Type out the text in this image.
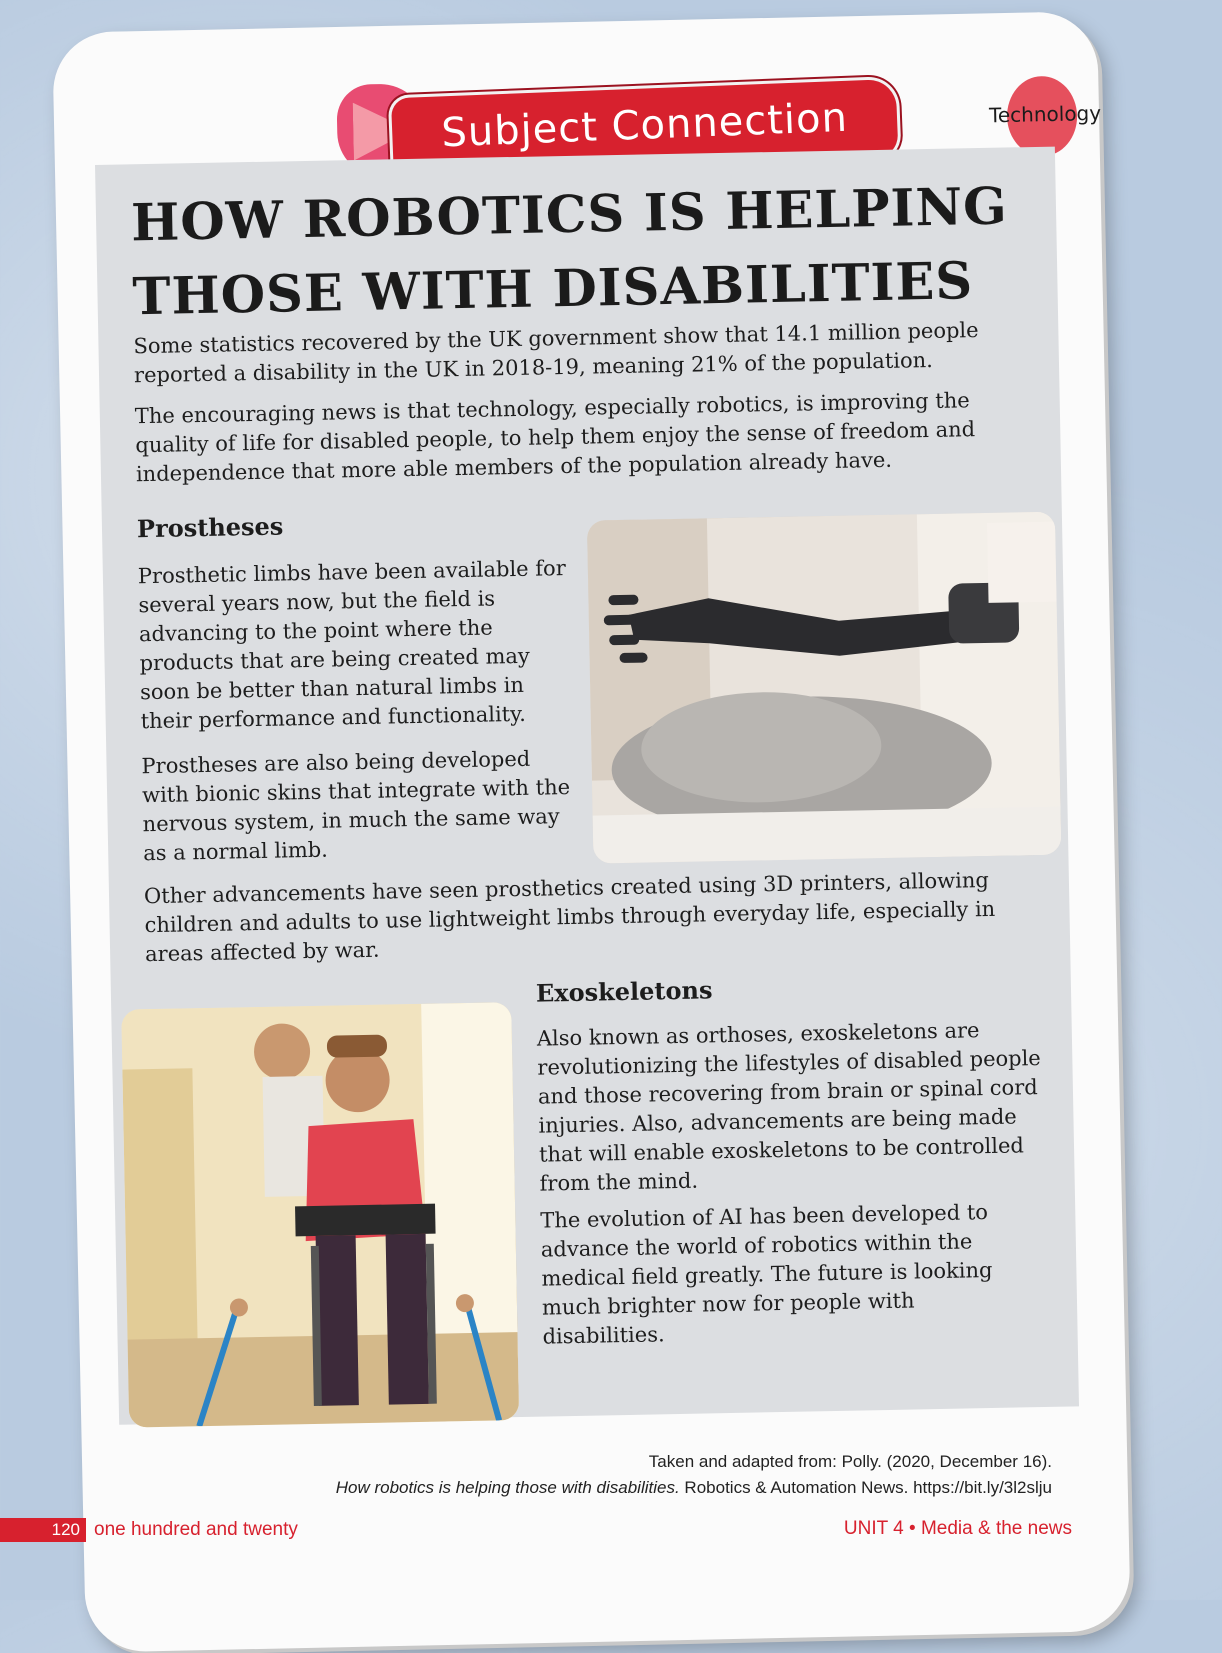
Subject Connection	Technology
HOW ROBOTICS IS HELPING
THOSE WITH DISABILITIES

Some statistics recovered by the UK government show that 14.1 million people reported a disability in the UK in 2018-19, meaning 21% of the population.

The encouraging news is that technology, especially robotics, is improving the quality of life for disabled people, to help them enjoy the sense of freedom and independence that more able members of the population already have.

Prostheses

Prosthetic limbs have been available for several years now, but the field is advancing to the point where the products that are being created may soon be better than natural limbs in their performance and functionality.

Prostheses are also being developed with bionic skins that integrate with the nervous system, in much the same way as a normal limb.

Other advancements have seen prosthetics created using 3D printers, allowing children and adults to use lightweight limbs through everyday life, especially in areas affected by war.

Exoskeletons

Also known as orthoses, exoskeletons are revolutionizing the lifestyles of disabled people and those recovering from brain or spinal cord injuries. Also, advancements are being made that will enable exoskeletons to be controlled from the mind.

The evolution of AI has been developed to advance the world of robotics within the medical field greatly. The future is looking much brighter now for people with disabilities.

Taken and adapted from: Polly. (2020, December 16).
How robotics is helping those with disabilities. Robotics & Automation News. https://bit.ly/3l2slju
120 one hundred and twenty	UNIT 4 • Media & the news
